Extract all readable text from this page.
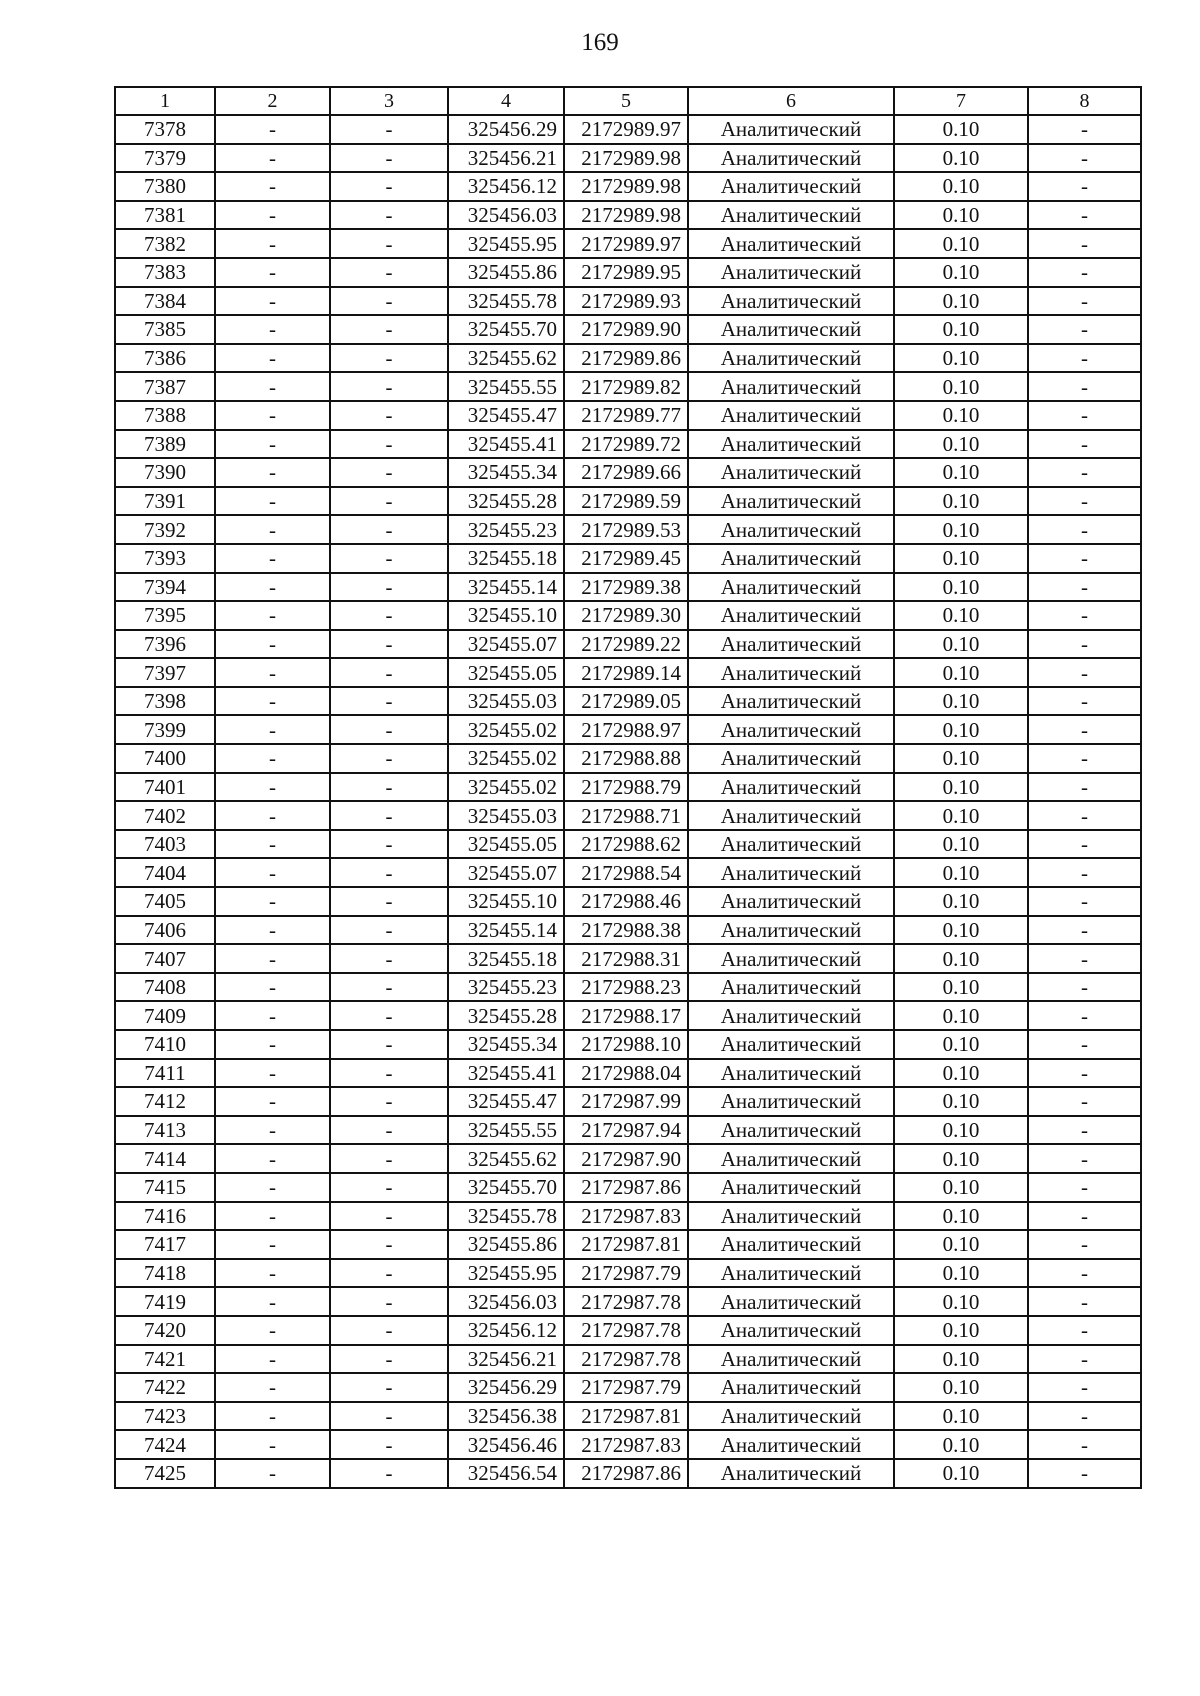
169
1	2	3	4	5	6	7	8
7378	-	-	325456.29	2172989.97	Аналитический	0.10	-
7379	-	-	325456.21	2172989.98	Аналитический	0.10	-
7380	-	-	325456.12	2172989.98	Аналитический	0.10	-
7381	-	-	325456.03	2172989.98	Аналитический	0.10	-
7382	-	-	325455.95	2172989.97	Аналитический	0.10	-
7383	-	-	325455.86	2172989.95	Аналитический	0.10	-
7384	-	-	325455.78	2172989.93	Аналитический	0.10	-
7385	-	-	325455.70	2172989.90	Аналитический	0.10	-
7386	-	-	325455.62	2172989.86	Аналитический	0.10	-
7387	-	-	325455.55	2172989.82	Аналитический	0.10	-
7388	-	-	325455.47	2172989.77	Аналитический	0.10	-
7389	-	-	325455.41	2172989.72	Аналитический	0.10	-
7390	-	-	325455.34	2172989.66	Аналитический	0.10	-
7391	-	-	325455.28	2172989.59	Аналитический	0.10	-
7392	-	-	325455.23	2172989.53	Аналитический	0.10	-
7393	-	-	325455.18	2172989.45	Аналитический	0.10	-
7394	-	-	325455.14	2172989.38	Аналитический	0.10	-
7395	-	-	325455.10	2172989.30	Аналитический	0.10	-
7396	-	-	325455.07	2172989.22	Аналитический	0.10	-
7397	-	-	325455.05	2172989.14	Аналитический	0.10	-
7398	-	-	325455.03	2172989.05	Аналитический	0.10	-
7399	-	-	325455.02	2172988.97	Аналитический	0.10	-
7400	-	-	325455.02	2172988.88	Аналитический	0.10	-
7401	-	-	325455.02	2172988.79	Аналитический	0.10	-
7402	-	-	325455.03	2172988.71	Аналитический	0.10	-
7403	-	-	325455.05	2172988.62	Аналитический	0.10	-
7404	-	-	325455.07	2172988.54	Аналитический	0.10	-
7405	-	-	325455.10	2172988.46	Аналитический	0.10	-
7406	-	-	325455.14	2172988.38	Аналитический	0.10	-
7407	-	-	325455.18	2172988.31	Аналитический	0.10	-
7408	-	-	325455.23	2172988.23	Аналитический	0.10	-
7409	-	-	325455.28	2172988.17	Аналитический	0.10	-
7410	-	-	325455.34	2172988.10	Аналитический	0.10	-
7411	-	-	325455.41	2172988.04	Аналитический	0.10	-
7412	-	-	325455.47	2172987.99	Аналитический	0.10	-
7413	-	-	325455.55	2172987.94	Аналитический	0.10	-
7414	-	-	325455.62	2172987.90	Аналитический	0.10	-
7415	-	-	325455.70	2172987.86	Аналитический	0.10	-
7416	-	-	325455.78	2172987.83	Аналитический	0.10	-
7417	-	-	325455.86	2172987.81	Аналитический	0.10	-
7418	-	-	325455.95	2172987.79	Аналитический	0.10	-
7419	-	-	325456.03	2172987.78	Аналитический	0.10	-
7420	-	-	325456.12	2172987.78	Аналитический	0.10	-
7421	-	-	325456.21	2172987.78	Аналитический	0.10	-
7422	-	-	325456.29	2172987.79	Аналитический	0.10	-
7423	-	-	325456.38	2172987.81	Аналитический	0.10	-
7424	-	-	325456.46	2172987.83	Аналитический	0.10	-
7425	-	-	325456.54	2172987.86	Аналитический	0.10	-
